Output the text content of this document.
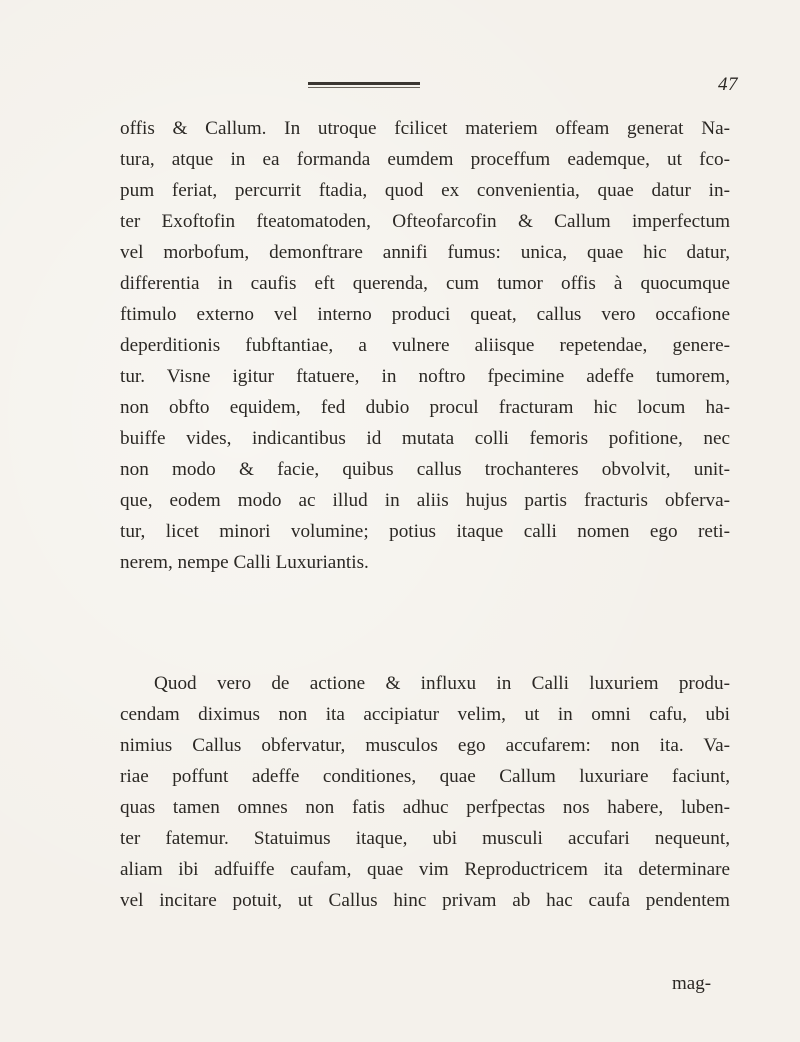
47
offis & Callum. In utroque fcilicet materiem offeam generat Na-
tura, atque in ea formanda eumdem proceffum eademque, ut fco-
pum feriat, percurrit ftadia, quod ex convenientia, quae datur in-
ter Exoftofin fteatomatoden, Ofteofarcofin & Callum imperfectum
vel morbofum, demonftrare annifi fumus: unica, quae hic datur,
differentia in caufis eft querenda, cum tumor offis à quocumque
ftimulo externo vel interno produci queat, callus vero occafione
deperditionis fubftantiae, a vulnere aliisque repetendae, genere-
tur. Visne igitur ftatuere, in noftro fpecimine adeffe tumorem,
non obfto equidem, fed dubio procul fracturam hic locum ha-
buiffe vides, indicantibus id mutata colli femoris pofitione, nec
non modo & facie, quibus callus trochanteres obvolvit, unit-
que, eodem modo ac illud in aliis hujus partis fracturis obferva-
tur, licet minori volumine; potius itaque calli nomen ego reti-
nerem, nempe Calli Luxuriantis.
Quod vero de actione & influxu in Calli luxuriem produ-
cendam diximus non ita accipiatur velim, ut in omni cafu, ubi
nimius Callus obfervatur, musculos ego accufarem: non ita. Va-
riae poffunt adeffe conditiones, quae Callum luxuriare faciunt,
quas tamen omnes non fatis adhuc perfpectas nos habere, luben-
ter fatemur. Statuimus itaque, ubi musculi accufari nequeunt,
aliam ibi adfuiffe caufam, quae vim Reproductricem ita determinare
vel incitare potuit, ut Callus hinc privam ab hac caufa pendentem
mag-
